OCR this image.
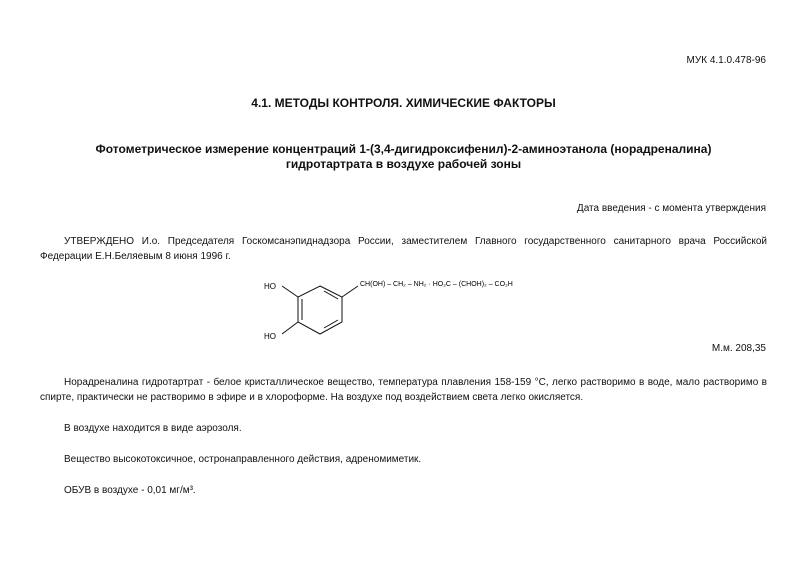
МУК 4.1.0.478-96
4.1. МЕТОДЫ КОНТРОЛЯ. ХИМИЧЕСКИЕ ФАКТОРЫ
Фотометрическое измерение концентраций 1-(3,4-дигидроксифенил)-2-аминоэтанола (норадреналина)
гидротартрата в воздухе рабочей зоны
Дата введения - с момента утверждения
УТВЕРЖДЕНО И.о. Председателя Госкомсанэпиднадзора России, заместителем Главного государственного санитарного врача Российской Федерации Е.Н.Беляевым 8 июня 1996 г.
HO
HO
CH(OH) – CH₂ – NH₂ · HO₂C – (CHOH)₂ – CO₂H
М.м. 208,35
Норадреналина гидротартрат - белое кристаллическое вещество, температура плавления 158-159 °С, легко растворимо в воде, мало растворимо в спирте, практически не растворимо в эфире и в хлороформе. На воздухе под воздействием света легко окисляется.
В воздухе находится в виде аэрозоля.
Вещество высокотоксичное, остронаправленного действия, адреномиметик.
ОБУВ в воздухе - 0,01 мг/м³.
